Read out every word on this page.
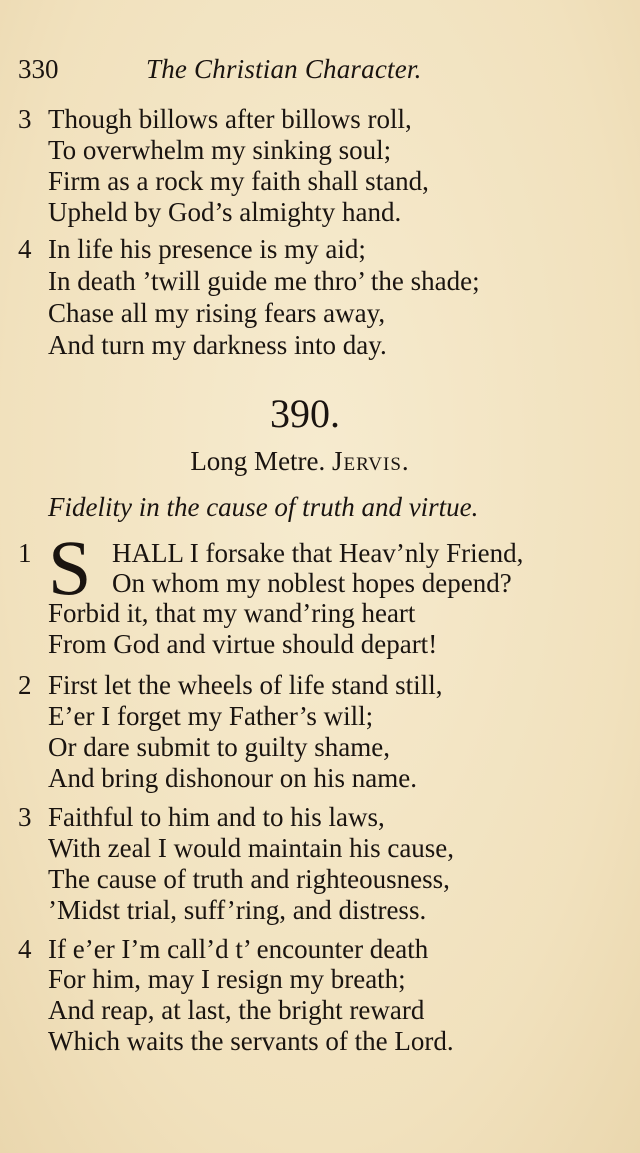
330	The Christian Character.
3 Though billows after billows roll,
To overwhelm my sinking soul;
Firm as a rock my faith shall stand,
Upheld by God’s almighty hand.
4 In life his presence is my aid;
In death ’twill guide me thro’ the shade;
Chase all my rising fears away,
And turn my darkness into day.
390.
Long Metre. Jervis.
Fidelity in the cause of truth and virtue.
1	HALL I forsake that Heav’nly Friend,
On whom my noblest hopes depend?
Forbid it, that my wand’ring heart
From God and virtue should depart!
S
2 First let the wheels of life stand still,
E’er I forget my Father’s will;
Or dare submit to guilty shame,
And bring dishonour on his name.
3 Faithful to him and to his laws,
With zeal I would maintain his cause,
The cause of truth and righteousness,
’Midst trial, suff’ring, and distress.
4 If e’er I’m call’d t’ encounter death
For him, may I resign my breath;
And reap, at last, the bright reward
Which waits the servants of the Lord.
